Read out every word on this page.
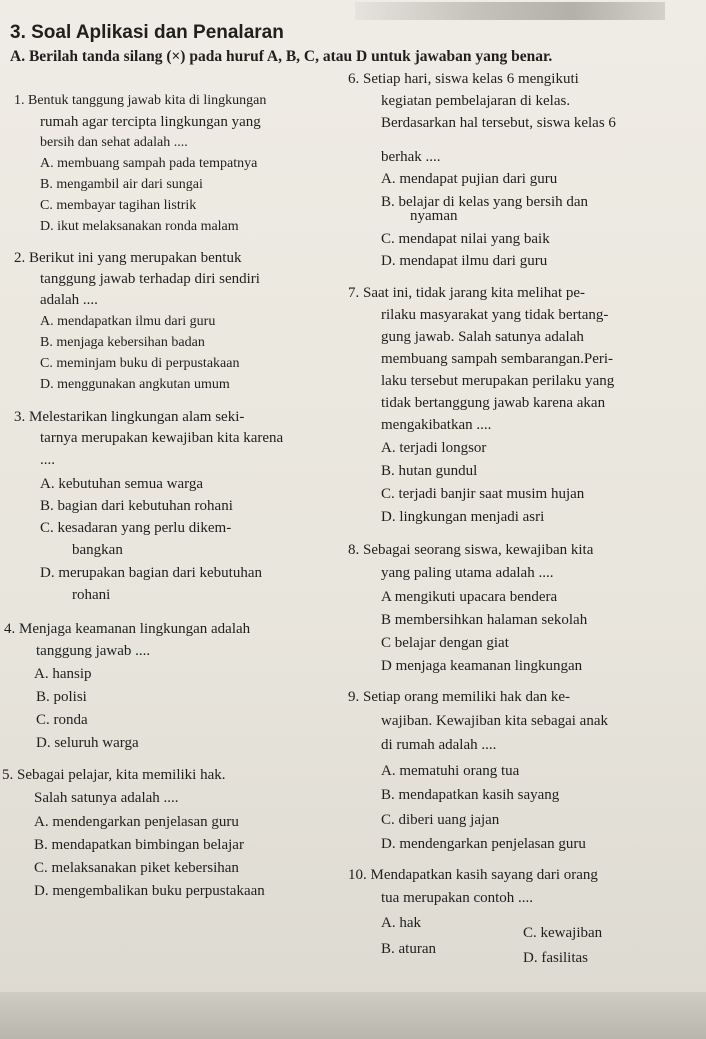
3. Soal Aplikasi dan Penalaran
A. Berilah tanda silang (×) pada huruf A, B, C, atau D untuk jawaban yang benar.
1. Bentuk tanggung jawab kita di lingkungan
rumah agar tercipta lingkungan yang
bersih dan sehat adalah ....
A. membuang sampah pada tempatnya
B. mengambil air dari sungai
C. membayar tagihan listrik
D. ikut melaksanakan ronda malam
2. Berikut ini yang merupakan bentuk
tanggung jawab terhadap diri sendiri
adalah ....
A. mendapatkan ilmu dari guru
B. menjaga kebersihan badan
C. meminjam buku di perpustakaan
D. menggunakan angkutan umum
3. Melestarikan lingkungan alam seki-
tarnya merupakan kewajiban kita karena
....
A. kebutuhan semua warga
B. bagian dari kebutuhan rohani
C. kesadaran yang perlu dikem-
bangkan
D. merupakan bagian dari kebutuhan
rohani
4. Menjaga keamanan lingkungan adalah
tanggung jawab ....
A. hansip
B. polisi
C. ronda
D. seluruh warga
5. Sebagai pelajar, kita memiliki hak.
Salah satunya adalah ....
A. mendengarkan penjelasan guru
B. mendapatkan bimbingan belajar
C. melaksanakan piket kebersihan
D. mengembalikan buku perpustakaan
6. Setiap hari, siswa kelas 6 mengikuti
kegiatan pembelajaran di kelas.
Berdasarkan hal tersebut, siswa kelas 6
berhak ....
A. mendapat pujian dari guru
B. belajar di kelas yang bersih dan
nyaman
C. mendapat nilai yang baik
D. mendapat ilmu dari guru
7. Saat ini, tidak jarang kita melihat pe-
rilaku masyarakat yang tidak bertang-
gung jawab. Salah satunya adalah
membuang sampah sembarangan.Peri-
laku tersebut merupakan perilaku yang
tidak bertanggung jawab karena akan
mengakibatkan ....
A. terjadi longsor
B. hutan gundul
C. terjadi banjir saat musim hujan
D. lingkungan menjadi asri
8. Sebagai seorang siswa, kewajiban kita
yang paling utama adalah ....
A mengikuti upacara bendera
B membersihkan halaman sekolah
C belajar dengan giat
D menjaga keamanan lingkungan
9. Setiap orang memiliki hak dan ke-
wajiban. Kewajiban kita sebagai anak
di rumah adalah ....
A. mematuhi orang tua
B. mendapatkan kasih sayang
C. diberi uang jajan
D. mendengarkan penjelasan guru
10. Mendapatkan kasih sayang dari orang
tua merupakan contoh ....
A. hak
C. kewajiban
B. aturan
D. fasilitas
